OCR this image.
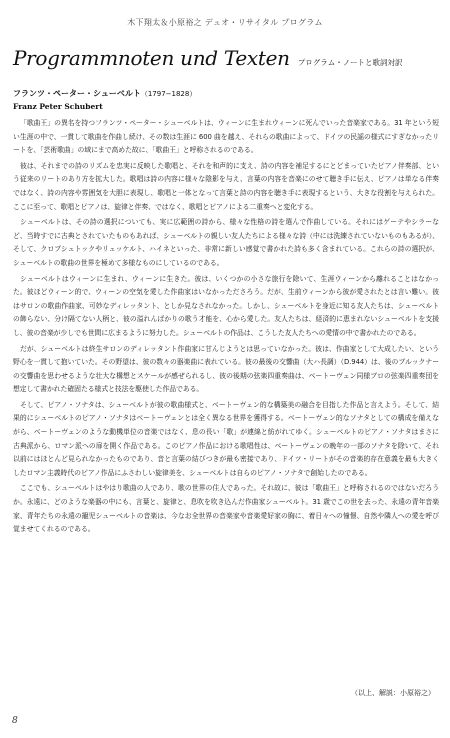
木下翔太＆小原裕之 デュオ・リサイタル プログラム
Programmnoten und Texten プログラム・ノートと歌詞対訳
フランツ・ペーター・シューベルト（1797−1828）
Franz Peter Schubert

「歌曲王」の異名を持つフランツ・ペーター・シューベルトは、ウィーンに生まれウィーンに死んでいった音楽家である。31 年という短い生涯の中で、一貫して歌曲を作曲し続け、その数は生涯に 600 曲を越え、それらの歌曲によって、ドイツの民謡の様式にすぎなかったリートを、「芸術歌曲」の域にまで高めた故に、「歌曲王」と呼称されるのである。

彼は、それまでの詩のリズムを忠実に反映した歌唱と、それを和声的に支え、詩の内容を補足するにとどまっていたピアノ伴奏部、という従来のリートのあり方を拡大した。歌唱は詩の内容に様々な陰影を与え、言葉の内容を音楽にのせて聴き手に伝え、ピアノは単なる伴奏ではなく、詩の内容や雰囲気を大胆に表現し、歌唱と一体となって言葉と詩の内容を聴き手に表現するという、大きな役割を与えられた。ここに至って、歌唱とピアノは、旋律と伴奏、ではなく、歌唱とピアノによる二重奏へと変化する。

シューベルトは、その詩の選択についても、実に広範囲の詩から、様々な性格の詩を選んで作曲している。それにはゲーテやシラーなど、当時すでに古典とされていたものもあれば、シューベルトの親しい友人たちによる様々な詩（中には洗練されていないものもあるが）、そして、クロプシュトックやリュッケルト、ハイネといった、非常に新しい感覚で書かれた詩も多く含まれている。これらの詩の選択が、シューベルトの歌曲の世界を極めて多様なものにしているのである。

シューベルトはウィーンに生まれ、ウィーンに生きた。彼は、いくつかの小さな旅行を除いて、生涯ウィーンから離れることはなかった。彼ほどウィーン的で、ウィーンの空気を愛した作曲家はいなかったださろう。だが、生前ウィーンから彼が愛されたとは言い難い。彼はサロンの歌曲作曲家、可妙なディレッタント、としか見なされなかった。しかし、シューベルトを身近に知る友人たちは、シューベルトの飾らない、分け隔てない人柄と、彼の溢れんばかりの歌う才能を、心から愛した。友人たちは、経済的に恵まれないシューベルトを支援し、彼の音楽が少しでも世間に広まるように努力した。シューベルトの作品は、こうした友人たちへの愛情の中で書かれたのである。

だが、シューベルトは終生サロンのディレッタント作曲家に甘んじようとは思っていなかった。彼は、作曲家として大成したい、という野心を一貫して抱いていた。その野望は、彼の数々の器楽曲に表れている。彼の最後の交響曲（大ハ長調）（D.944）は、後のブルックナーの交響曲を思わせるような壮大な構想とスケールが感ぜられるし、彼の後期の弦楽四重奏曲は、ベートーヴェン同様ブロの弦楽四重奏団を想定して書かれた確固たる様式と技法を駆使した作品である。

そして、ピアノ・ソナタは、シューベルトが彼の歌曲様式と、ベートーヴェン的な構築美の融合を目指した作品と言えよう。そして、結果的にシューベルトのピアノ・ソナタはベートーヴェンとは全く異なる世界を獲得する。ベートーヴェン的なソナタとしての構成を備えながら、ベートーヴェンのような動機単位の音楽ではなく、息の長い「歌」が連綿と紡がれてゆく。シューベルトのピアノ・ソナタはまさに古典派から、ロマン派への扉を開く作品である。このピアノ作品における歌唱性は、ベートーヴェンの晩年の一部のソナタを除いて、それ以前にはほとんど見られなかったものであり、音と言葉の結びつきが最も密接であり、ドイツ・リートがその音楽的存在意義を最も大きくしたロマン主義時代のピアノ作品にふさわしい旋律美を、シューベルトは自らのピアノ・ソナタで創始したのである。

ここでも、シューベルトはやはり歌曲の人であり、歌の世界の住人であった。それ故に、彼は「歌曲王」と呼称されるのではないだろうか。永遠に、どのような楽器の中にも、言葉と、旋律と、息吹を吹き込んだ作曲家シューベルト。31 歳でこの世を去った、永遠の青年音楽家、青年たちの永遠の寵児シューベルトの音楽は、今なお全世界の音楽家や音楽愛好家の胸に、着日々への憧憬、自然や隣人への愛を呼び覚ませてくれるのである。

（以上、解説：小原裕之）
8
